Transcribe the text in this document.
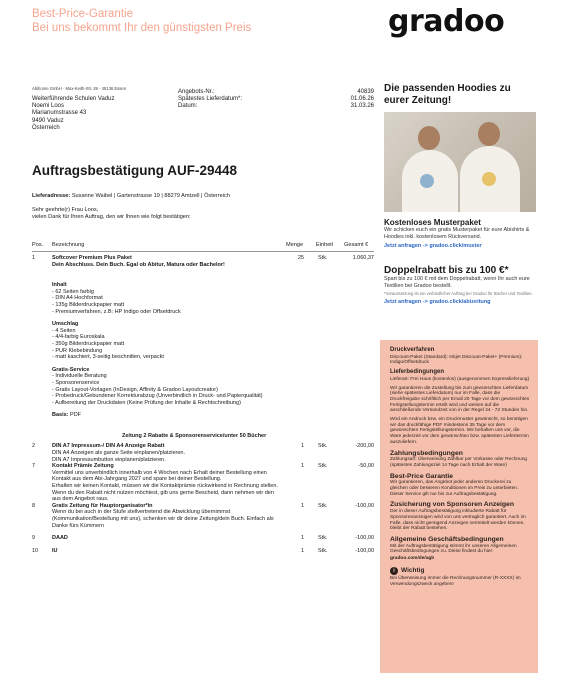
Best-Price-Garantie
Bei uns bekommt Ihr den günstigsten Preis	gradoo
Abihome GmbH · Max-Keith-Str. 29 · 45136 Essen
Weiterführende Schulen Vaduz
Noemi Loos
Marianumstrasse 43
9490 Vaduz
Österreich
Angebots-Nr.:	40839
Spätestes Lieferdatum*:	01.06.26
Datum:	31.03.26
Auftragsbestätigung AUF-29448
Lieferadresse: Susanne Waibel | Gartenstrasse 19 | 88279 Amtzell | Österreich
Sehr geehrte(r) Frau Loos,
vielen Dank für Ihren Auftrag, den wir Ihnen wie folgt bestätigen:
Pos. Bezeichnung	Menge Einheit Gesamt €
1	Softcover Premium Plus Paket
Dein Abschluss. Dein Buch. Egal ob Abitur, Matura oder Bachelor!
25	Stk.	1.060,37
Inhalt
- 62 Seiten farbig
- DIN A4 Hochformat
- 135g Bilderdruckpapier matt
- Premiumverfahren, z.B: HP Indigo oder Offsetdruck
Umschlag
- 4 Seiten
- 4/4-farbig Euroskala
- 350g Bilderdruckpapier matt
- PUR Klebebindung
- matt kaschiert, 3-seitig beschnitten, verpackt
Gratis-Service
- Individuelle Beratung
- Sponsorenservice
- Gratis Layout-Vorlagen (InDesign, Affinity & Gradoo Layoutcreator)
- Probedruck/Gebundener Korrekturabzug (Unverbindlich in Druck- und Papierqualität)
- Aufbereitung der Druckdaten (Keine Prüfung der Inhalte & Rechtschreibung)
Basis: PDF
Zeitung 2 Rabatte & Sponsorenservice/unter 50 Bücher
2	DIN A7 Impressum-/ DIN A4 Anzeige Rabatt
DIN A4 Anzeigen als ganze Seite einplanen/platzieren.
DIN A7 Impressumbutton einplanen/platzieren.
1	Stk.	-200,00
7	Kontakt Prämie Zeitung
Vermittel uns unverbindlich innerhalb von 4 Wochen nach Erhalt deiner Bestellung einen Kontakt aus dem Abi-Jahrgang 2027 und spare bei deiner Bestellung.
Erhalten wir keinen Kontakt, müssen wir die Kontaktprämie rückwirkend in Rechnung stellen. Wenn du den Rabatt nicht nutzen möchtest, gib uns gerne Bescheid, dann nehmen wir den aus dem Angebot raus.
1	Stk.	-50,00
8	Gratis Zeitung für Hauptorganisator*in
Wenn du bei auch in der Stufe stellvertretend die Abwicklung übernimmst (Kommunikation/Bestellung mit uns), schenken wir dir deine Zeitung/dein Buch. Einfach als Danke fürs Kümmern
1	Stk.	-100,00
9	DAAD	1	Stk.	-100,00
10	IU	1	Stk.	-100,00
Die passenden Hoodies zu eurer Zeitung!
Kostenloses Musterpaket
Wir schicken euch ein gratis Musterpaket für eure Abishirts & Hoodies inkl. kostenlosem Rückversand.
Jetzt anfragen -> gradoo.click/muster
Doppelrabatt bis zu 100 €*
Spart bis zu 100 € mit dem Doppelrabatt, wenn Ihr auch eure Textilien bei Gradoo bestellt.
*Voraussetzung ist ein verbindlicher Auftrag bei Gradoo für Bücher und Textilien.
Jetzt anfragen -> gradoo.click/abizeitung
Druckverfahren
Discount-Paket (Standard): Inkjet Discount-Paket+ (Premium): Indigo/Offsetdruck
Lieferbedingungen
Lieferart: Frei Haus (kostenlos) (ausgenommen Expresslieferung)
Wir garantieren die Zustellung bis zum gewünschten Lieferdatum (siehe spätestes Lieferdatum) nur im Falle, dass die Druckfreigabe schriftlich per Email 20 Tage vor dem gewünschten Fertigstellungstermin erteilt wird und weisen auf die anschließende Versandzeit von in der Regel 24 - 72 Stunden hin.
Wird ein Andruck bzw. ein Druckmuster gewünscht, so benötigen wir das druckfähige PDF mindestens 35 Tage vor dem gewünschten Fertigstellungstermin. Wir behalten uns vor, die Ware jederzeit vor dem gewünschten bzw. spätesten Liefertermin auszuliefern.
Zahlungsbedingungen
Zahlungsart: Überweisung Zahlbar per Vorkasse oder Rechnung (spätestes Zahlungsziel 14 Tage nach Erhalt der Ware)
Best-Price Garantie
Wir garantieren, das Angebot jeder anderen Druckerei zu gleichen oder besseren Konditionen im Preis zu unterbieten. Dieser Service gilt nur bis zur Auftragsbestätigung.
Zusicherung von Sponsoren Anzeigen
Der in dieser Auftragsbestätigung inkludierte Rabatt für Sponsorenanzeigen wird von uns vertraglich garantiert. Auch im Falle, dass nicht genügend Anzeigen vermittelt werden können, bleibt der Rabatt bestehen.
Allgemeine Geschäftsbedingungen
Mit der Auftragsbestätigung stimmt ihr unseren Allgemeinen Geschäftsbedingungen zu. Diese findest du hier:
gradoo.com/de/agb
i Wichtig
Bei Überweisung immer die Rechnungsnummer (R-XXXX) im Verwendungszweck angeben!
